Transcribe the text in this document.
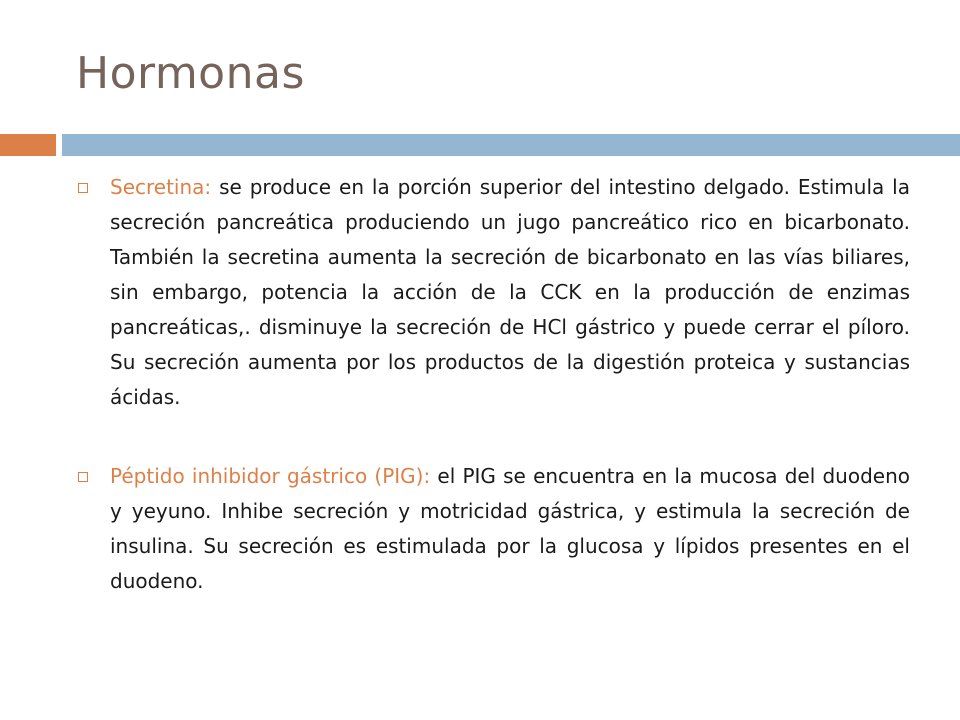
Hormonas
Secretina: se produce en la porción superior del intestino delgado. Estimula la secreción pancreática produciendo un jugo pancreático rico en bicarbonato. También la secretina aumenta la secreción de bicarbonato en las vías biliares, sin embargo, potencia la acción de la CCK en la producción de enzimas pancreáticas,. disminuye la secreción de HCl gástrico y puede cerrar el píloro. Su secreción aumenta por los productos de la digestión proteica y sustancias ácidas.
Péptido inhibidor gástrico (PIG): el PIG se encuentra en la mucosa del duodeno y yeyuno. Inhibe secreción y motricidad gástrica, y estimula la secreción de insulina. Su secreción es estimulada por la glucosa y lípidos presentes en el duodeno.
